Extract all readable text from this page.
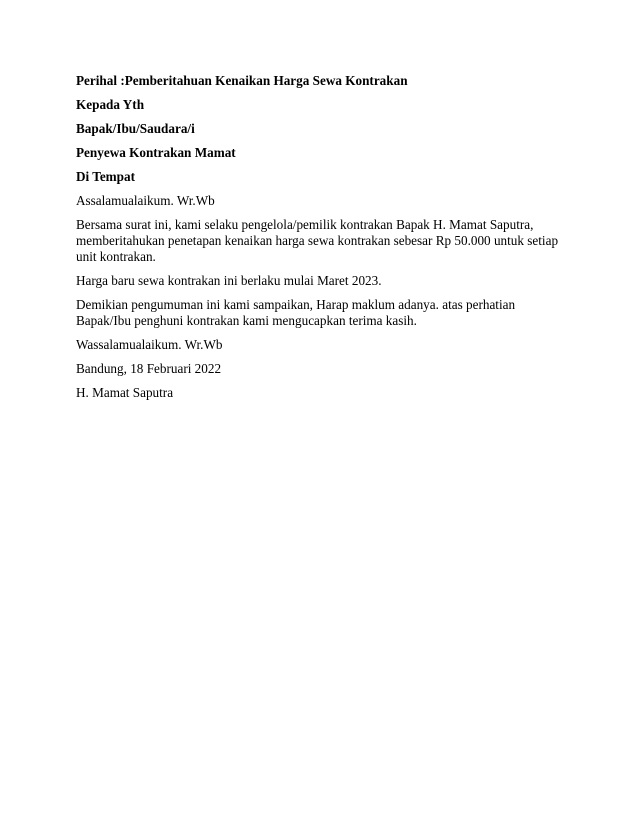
Perihal :Pemberitahuan Kenaikan Harga Sewa Kontrakan

Kepada Yth

Bapak/Ibu/Saudara/i

Penyewa Kontrakan Mamat

Di Tempat

Assalamualaikum. Wr.Wb

Bersama surat ini, kami selaku pengelola/pemilik kontrakan Bapak H. Mamat Saputra, memberitahukan penetapan kenaikan harga sewa kontrakan sebesar Rp 50.000 untuk setiap unit kontrakan.

Harga baru sewa kontrakan ini berlaku mulai Maret 2023.

Demikian pengumuman ini kami sampaikan, Harap maklum adanya. atas perhatian Bapak/Ibu penghuni kontrakan kami mengucapkan terima kasih.

Wassalamualaikum. Wr.Wb

Bandung, 18 Februari 2022

H. Mamat Saputra
